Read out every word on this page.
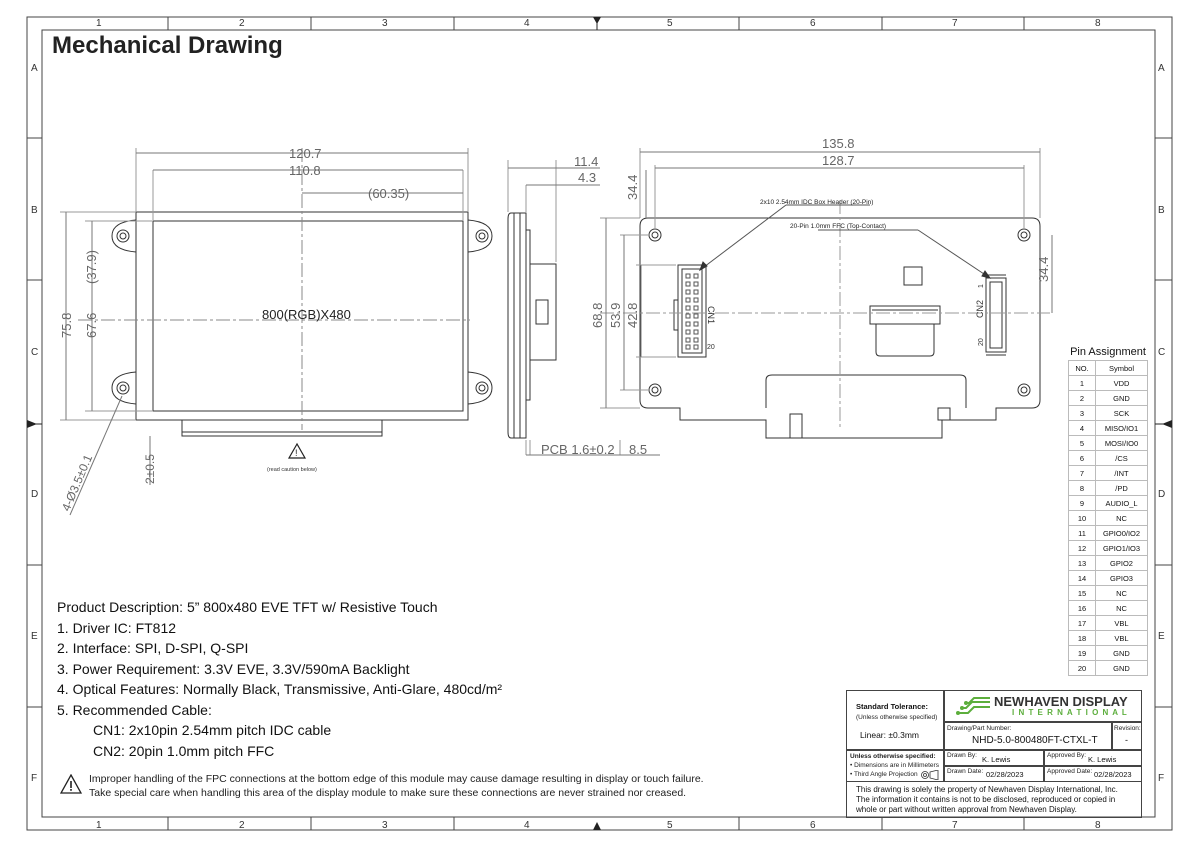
1	2	3	4	5	6	7	8
1	2	3	4	5	6	7	8
A
B
C
D
E
F
A
B
C
D
E
F
120.7
110.8
(60.35)
75.8 67.6
(37.9)
4-Ø3.5±0.1	2±0.5
800(RGB)X480
!
(read caution below)
11.4
4.3
PCB 1.6±0.2 8.5
135.8
128.7
34.4
34.4
68.8 53.9 42.8
2x10 2.54mm IDC Box Header (20-Pin)
20-Pin 1.0mm FFC (Top-Contact)
CN1
20
CN2
1
20
Mechanical Drawing
Product Description: 5” 800x480 EVE TFT w/ Resistive Touch
1. Driver IC: FT812
2. Interface: SPI, D-SPI, Q-SPI
3. Power Requirement: 3.3V EVE, 3.3V/590mA Backlight
4. Optical Features: Normally Black, Transmissive, Anti-Glare, 480cd/m²
5. Recommended Cable:
CN1: 2x10pin 2.54mm pitch IDC cable
CN2: 20pin 1.0mm pitch FFC
Improper handling of the FPC connections at the bottom edge of this module may cause damage resulting in display or touch failure.
Take special care when handling this area of the display module to make sure these connections are never strained nor creased.
Pin Assignment
NO.	Symbol
1	VDD
2	GND
3	SCK
4	MISO/IO1
5	MOSI/IO0
6	/CS
7	/INT
8	/PD
9	AUDIO_L
10	NC
11	GPIO0/IO2
12	GPIO1/IO3
13	GPIO2
14	GPIO3
15	NC
16	NC
17	VBL
18	VBL
19	GND
20	GND
Standard Tolerance:
(Unless otherwise specified)
Linear: ±0.3mm
NEWHAVEN DISPLAY
I N T E R N A T I O N A L
Drawing/Part Number:
NHD-5.0-800480FT-CTXL-T
Revision:
-
Unless otherwise specified:
• Dimensions are in Millimeters
• Third Angle Projection
Drawn By: K. Lewis	Approved By: K. Lewis
Drawn Date: 02/28/2023	Approved Date: 02/28/2023
This drawing is solely the property of Newhaven Display International, Inc.
The information it contains is not to be disclosed, reproduced or copied in
whole or part without written approval from Newhaven Display.
